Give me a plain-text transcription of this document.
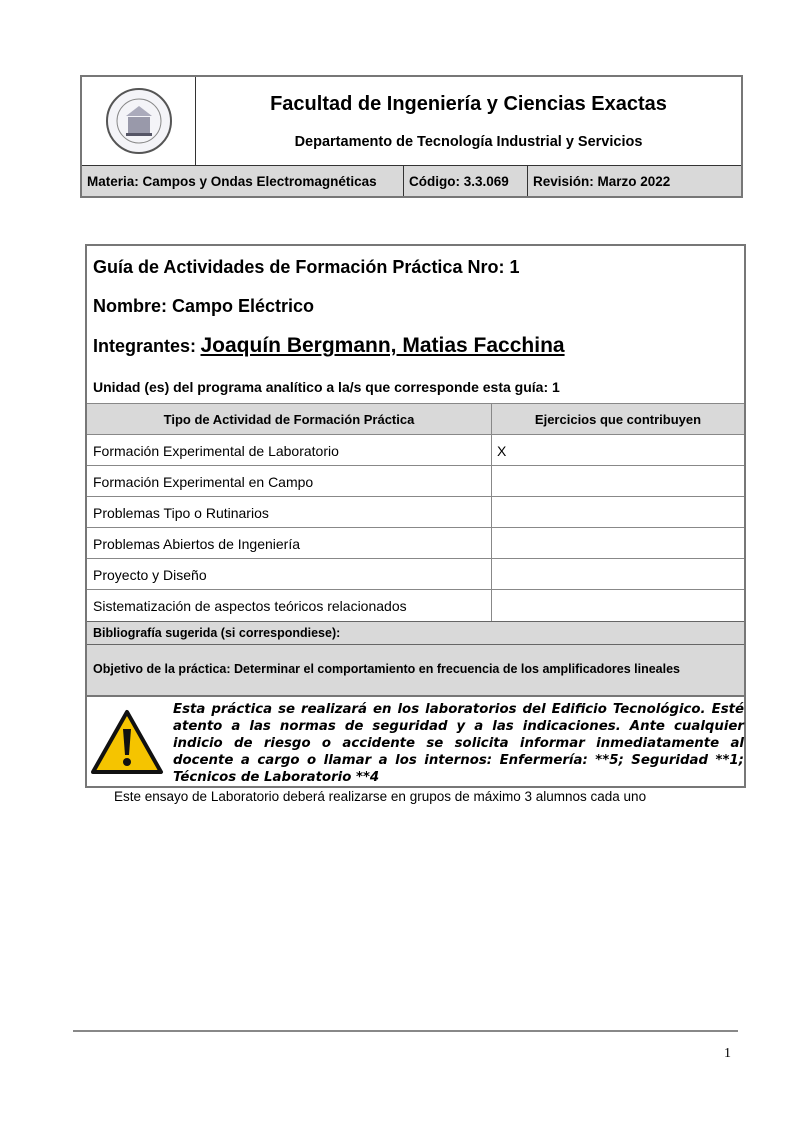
Facultad de Ingeniería y Ciencias Exactas
Departamento de Tecnología Industrial y Servicios
Materia: Campos y Ondas Electromagnéticas	Código: 3.3.069	Revisión: Marzo 2022
Guía de Actividades de Formación Práctica Nro: 1
Nombre: Campo Eléctrico
Integrantes: Joaquín Bergmann, Matias Facchina
Unidad (es) del programa analítico a la/s que corresponde esta guía: 1
Tipo de Actividad de Formación Práctica	Ejercicios que contribuyen
Formación Experimental de Laboratorio	X
Formación Experimental en Campo
Problemas Tipo o Rutinarios
Problemas Abiertos de Ingeniería
Proyecto y Diseño
Sistematización de aspectos teóricos relacionados
Bibliografía sugerida (si correspondiese):
Objetivo de la práctica: Determinar el comportamiento en frecuencia de los amplificadores lineales
Esta práctica se realizará en los laboratorios del Edificio Tecnológico. Esté atento a las normas de seguridad y a las indicaciones. Ante cualquier indicio de riesgo o accidente se solicita informar inmediatamente al docente a cargo o llamar a los internos: Enfermería: **5; Seguridad **1; Técnicos de Laboratorio **4
Este ensayo de Laboratorio deberá realizarse en grupos de máximo 3 alumnos cada uno
1
